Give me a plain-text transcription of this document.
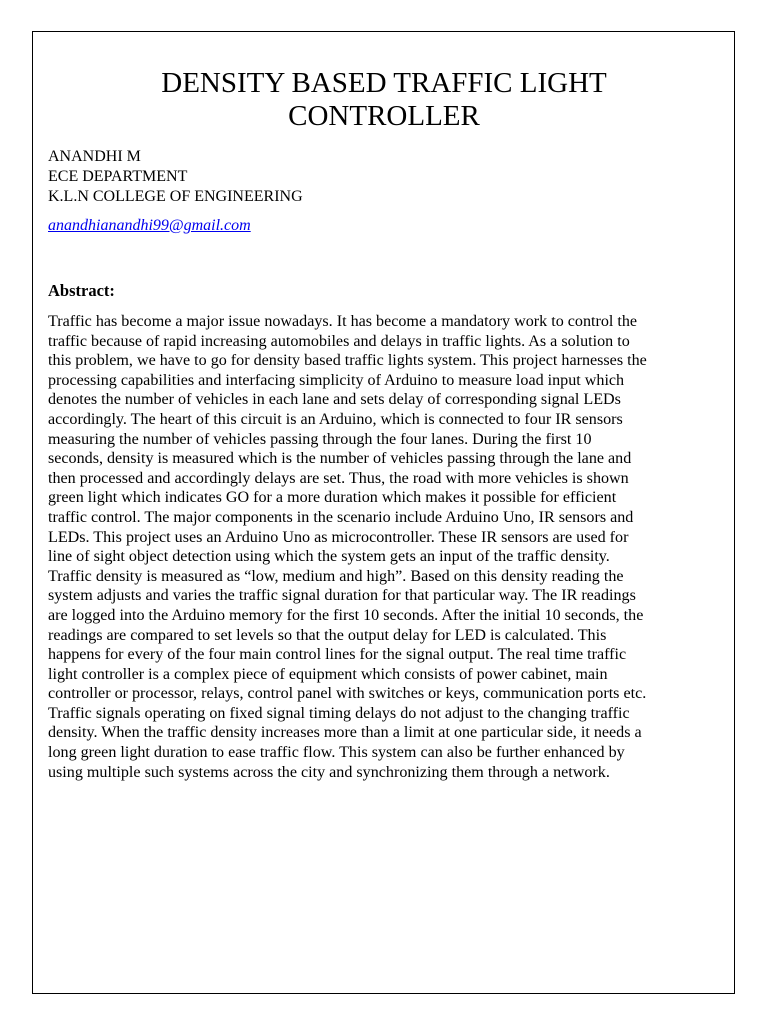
DENSITY BASED TRAFFIC LIGHT
CONTROLLER
ANANDHI M
ECE DEPARTMENT
K.L.N COLLEGE OF ENGINEERING
anandhianandhi99@gmail.com
Abstract:
Traffic has become a major issue nowadays. It has become a mandatory work to control the
traffic because of rapid increasing automobiles and delays in traffic lights. As a solution to
this problem, we have to go for density based traffic lights system. This project harnesses the
processing capabilities and interfacing simplicity of Arduino to measure load input which
denotes the number of vehicles in each lane and sets delay of corresponding signal LEDs
accordingly. The heart of this circuit is an Arduino, which is connected to four IR sensors
measuring the number of vehicles passing through the four lanes. During the first 10
seconds, density is measured which is the number of vehicles passing through the lane and
then processed and accordingly delays are set. Thus, the road with more vehicles is shown
green light which indicates GO for a more duration which makes it possible for efficient
traffic control. The major components in the scenario include Arduino Uno, IR sensors and
LEDs. This project uses an Arduino Uno as microcontroller. These IR sensors are used for
line of sight object detection using which the system gets an input of the traffic density.
Traffic density is measured as “low, medium and high”. Based on this density reading the
system adjusts and varies the traffic signal duration for that particular way. The IR readings
are logged into the Arduino memory for the first 10 seconds. After the initial 10 seconds, the
readings are compared to set levels so that the output delay for LED is calculated. This
happens for every of the four main control lines for the signal output. The real time traffic
light controller is a complex piece of equipment which consists of power cabinet, main
controller or processor, relays, control panel with switches or keys, communication ports etc.
Traffic signals operating on fixed signal timing delays do not adjust to the changing traffic
density. When the traffic density increases more than a limit at one particular side, it needs a
long green light duration to ease traffic flow. This system can also be further enhanced by
using multiple such systems across the city and synchronizing them through a network.
